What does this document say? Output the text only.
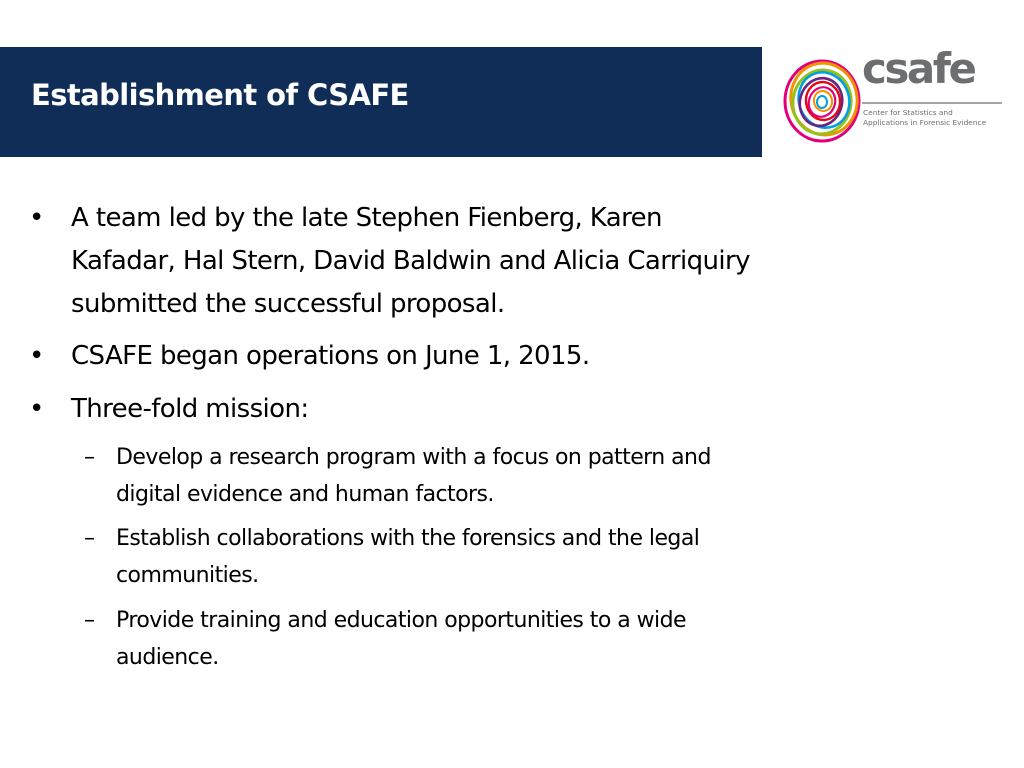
Establishment of CSAFE
csafe
Center for Statistics and
Applications in Forensic Evidence
• A team led by the late Stephen Fienberg, Karen
Kafadar, Hal Stern, David Baldwin and Alicia Carriquiry
submitted the successful proposal.
• CSAFE began operations on June 1, 2015.
• Three-fold mission:
– Develop a research program with a focus on pattern and
digital evidence and human factors.
– Establish collaborations with the forensics and the legal
communities.
– Provide training and education opportunities to a wide
audience.
